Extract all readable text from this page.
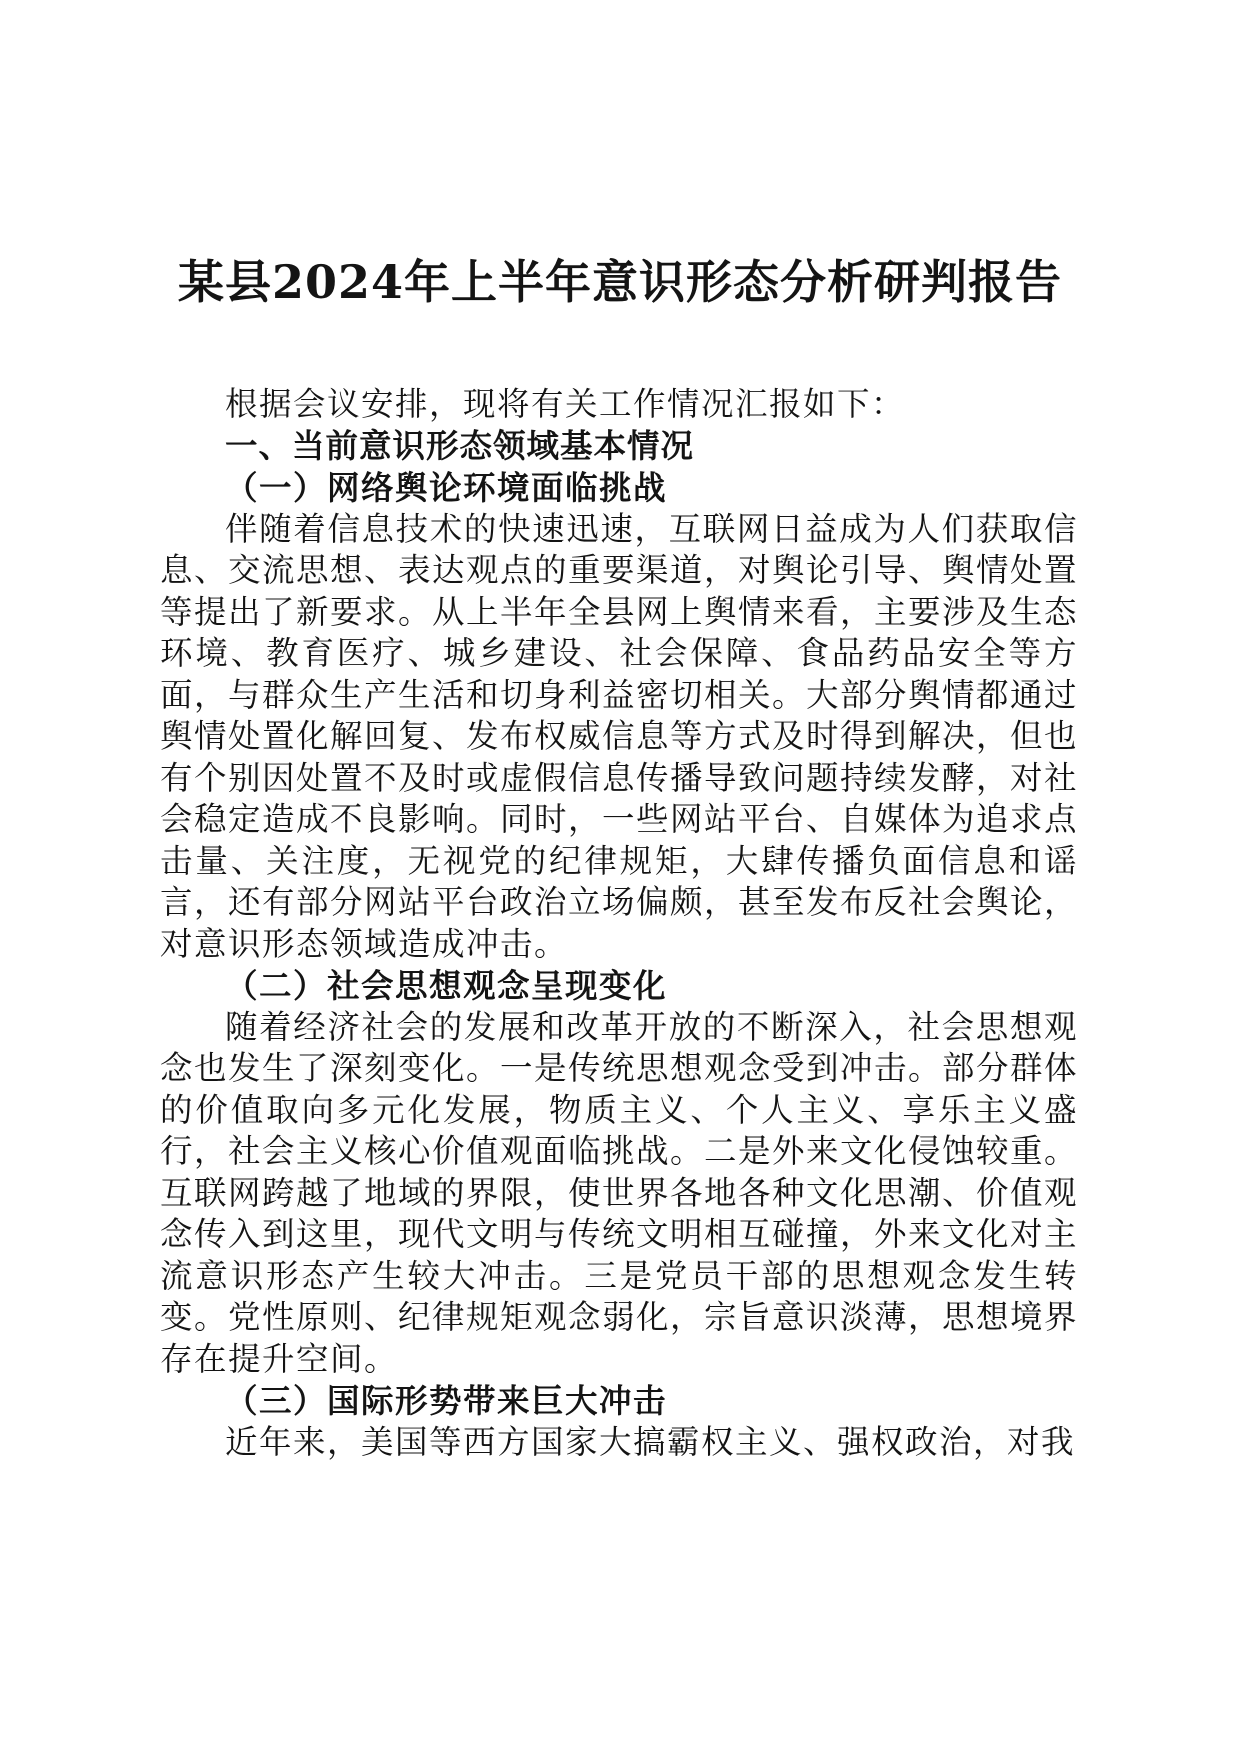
某县2024年上半年意识形态分析研判报告

根据会议安排，现将有关工作情况汇报如下：

一、当前意识形态领域基本情况
（一）网络舆论环境面临挑战

伴随着信息技术的快速迅速，互联网日益成为人们获取信息、交流思想、表达观点的重要渠道，对舆论引导、舆情处置等提出了新要求。从上半年全县网上舆情来看，主要涉及生态环境、教育医疗、城乡建设、社会保障、食品药品安全等方面，与群众生产生活和切身利益密切相关。大部分舆情都通过舆情处置化解回复、发布权威信息等方式及时得到解决，但也有个别因处置不及时或虚假信息传播导致问题持续发酵，对社会稳定造成不良影响。同时，一些网站平台、自媒体为追求点击量、关注度，无视党的纪律规矩，大肆传播负面信息和谣言，还有部分网站平台政治立场偏颇，甚至发布反社会舆论，对意识形态领域造成冲击。

（二）社会思想观念呈现变化

随着经济社会的发展和改革开放的不断深入，社会思想观念也发生了深刻变化。一是传统思想观念受到冲击。部分群体的价值取向多元化发展，物质主义、个人主义、享乐主义盛行，社会主义核心价值观面临挑战。二是外来文化侵蚀较重。互联网跨越了地域的界限，使世界各地各种文化思潮、价值观念传入到这里，现代文明与传统文明相互碰撞，外来文化对主流意识形态产生较大冲击。三是党员干部的思想观念发生转变。党性原则、纪律规矩观念弱化，宗旨意识淡薄，思想境界存在提升空间。

（三）国际形势带来巨大冲击

近年来，美国等西方国家大搞霸权主义、强权政治，对我
